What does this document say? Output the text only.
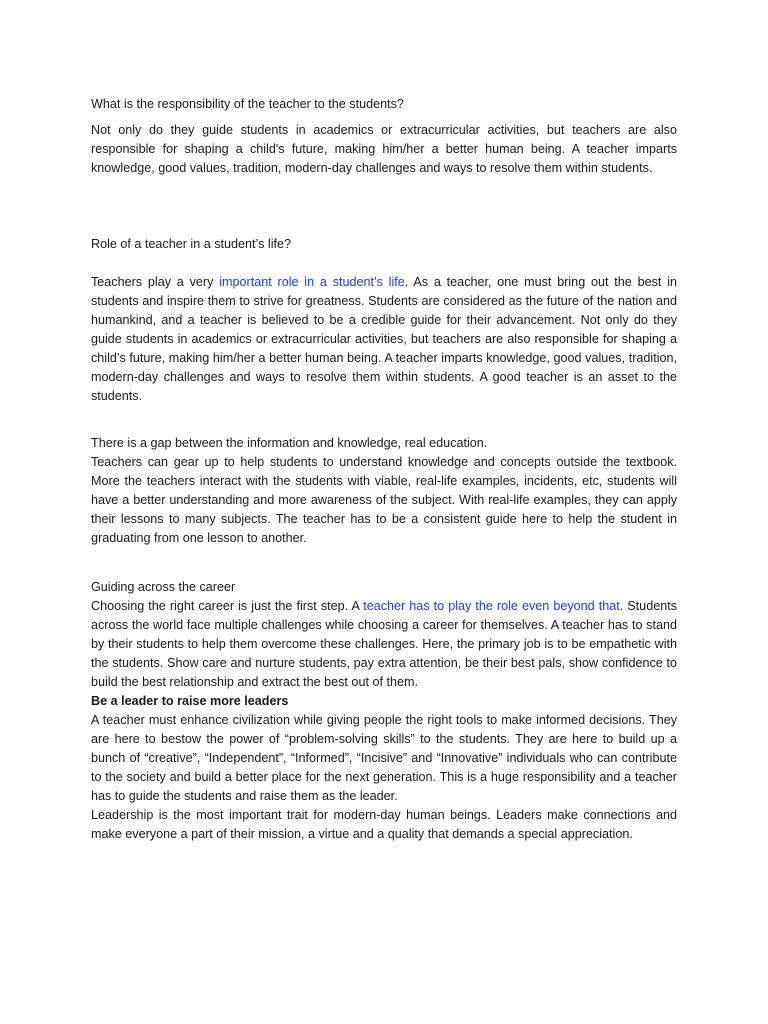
What is the responsibility of the teacher to the students?

Not only do they guide students in academics or extracurricular activities, but teachers are also responsible for shaping a child's future, making him/her a better human being. A teacher imparts knowledge, good values, tradition, modern-day challenges and ways to resolve them within students.

Role of a teacher in a student’s life?

Teachers play a very important role in a student’s life. As a teacher, one must bring out the best in students and inspire them to strive for greatness. Students are considered as the future of the nation and humankind, and a teacher is believed to be a credible guide for their advancement. Not only do they guide students in academics or extracurricular activities, but teachers are also responsible for shaping a child’s future, making him/her a better human being. A teacher imparts knowledge, good values, tradition, modern-day challenges and ways to resolve them within students. A good teacher is an asset to the students.

There is a gap between the information and knowledge, real education.

Teachers can gear up to help students to understand knowledge and concepts outside the textbook. More the teachers interact with the students with viable, real-life examples, incidents, etc, students will have a better understanding and more awareness of the subject. With real-life examples, they can apply their lessons to many subjects. The teacher has to be a consistent guide here to help the student in graduating from one lesson to another.

Guiding across the career

Choosing the right career is just the first step. A teacher has to play the role even beyond that. Students across the world face multiple challenges while choosing a career for themselves. A teacher has to stand by their students to help them overcome these challenges. Here, the primary job is to be empathetic with the students. Show care and nurture students, pay extra attention, be their best pals, show confidence to build the best relationship and extract the best out of them.

Be a leader to raise more leaders

A teacher must enhance civilization while giving people the right tools to make informed decisions. They are here to bestow the power of “problem-solving skills” to the students. They are here to build up a bunch of “creative”, “Independent”, “Informed”, “Incisive” and “Innovative” individuals who can contribute to the society and build a better place for the next generation. This is a huge responsibility and a teacher has to guide the students and raise them as the leader.

Leadership is the most important trait for modern-day human beings. Leaders make connections and make everyone a part of their mission, a virtue and a quality that demands a special appreciation.
